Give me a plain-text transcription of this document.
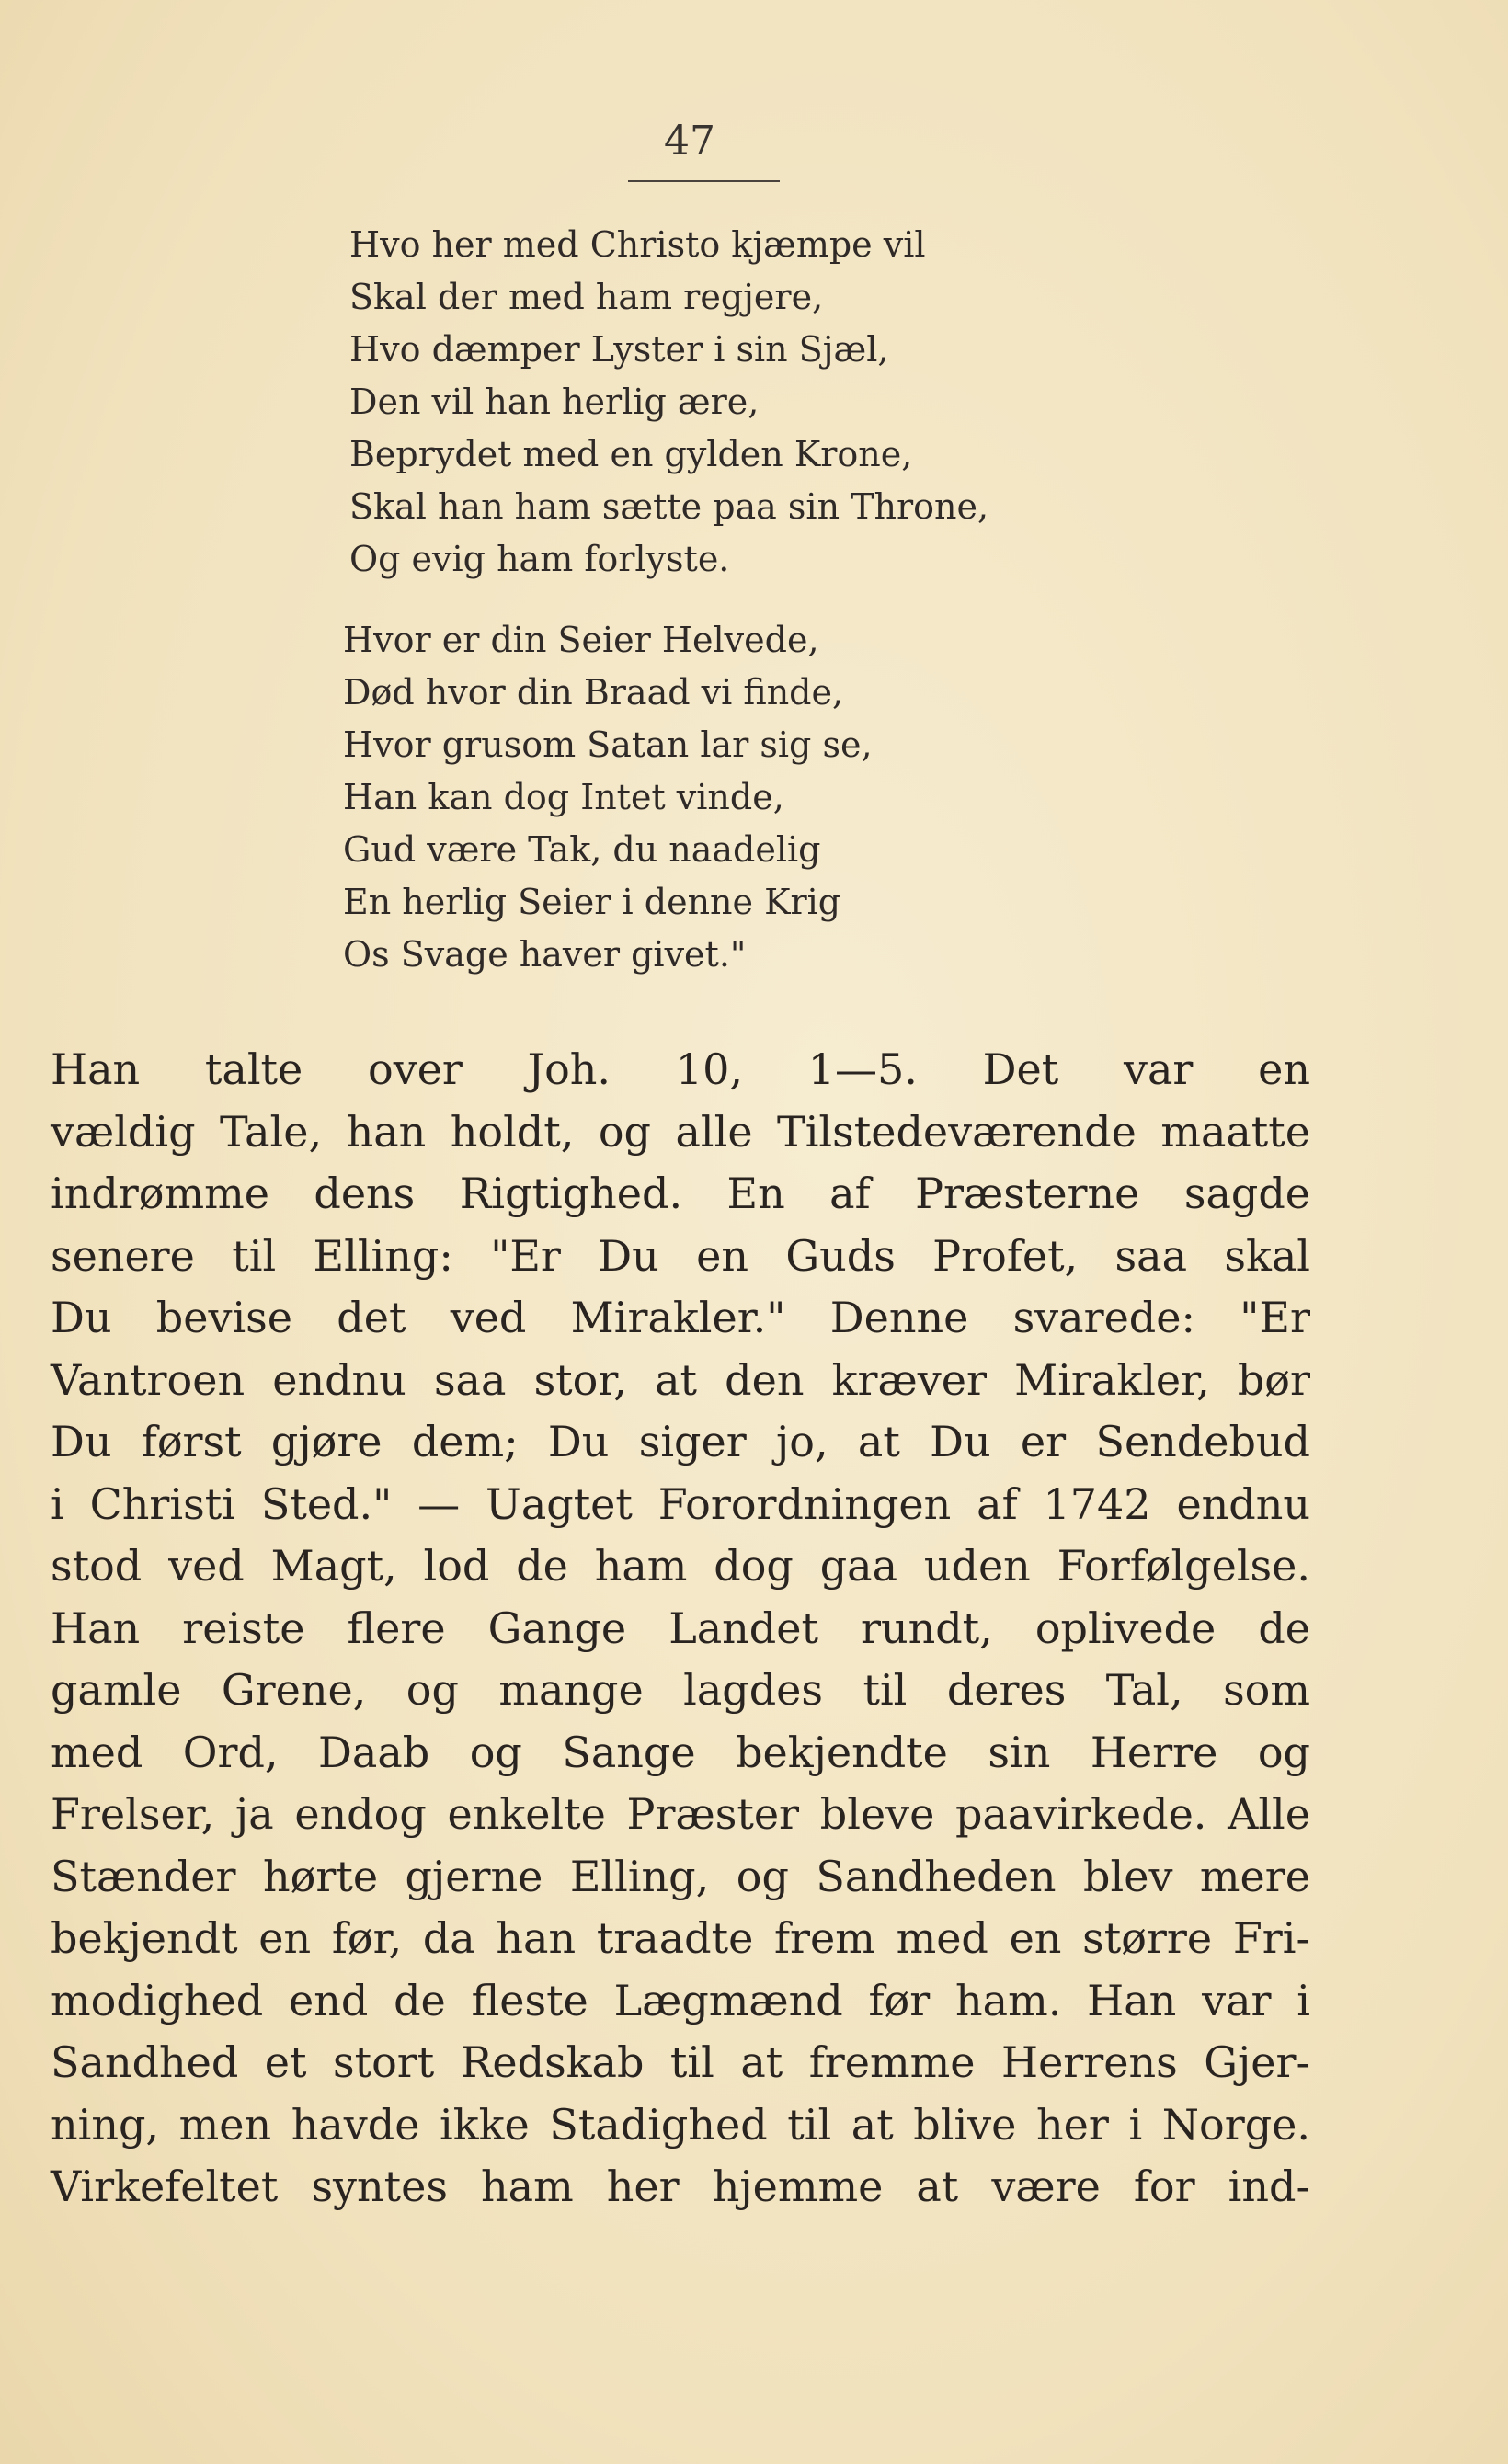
47
Hvo her med Christo kjæmpe vil
Skal der med ham regjere,
Hvo dæmper Lyster i sin Sjæl,
Den vil han herlig ære,
Beprydet med en gylden Krone,
Skal han ham sætte paa sin Throne,
Og evig ham forlyste.
Hvor er din Seier Helvede,
Død hvor din Braad vi finde,
Hvor grusom Satan lar sig se,
Han kan dog Intet vinde,
Gud være Tak, du naadelig
En herlig Seier i denne Krig
Os Svage haver givet."
Han talte over Joh. 10, 1—5. Det var en
vældig Tale, han holdt, og alle Tilstedeværende maatte
indrømme dens Rigtighed. En af Præsterne sagde
senere til Elling: "Er Du en Guds Profet, saa skal
Du bevise det ved Mirakler." Denne svarede: "Er
Vantroen endnu saa stor, at den kræver Mirakler, bør
Du først gjøre dem; Du siger jo, at Du er Sendebud
i Christi Sted." — Uagtet Forordningen af 1742 endnu
stod ved Magt, lod de ham dog gaa uden Forfølgelse.
Han reiste flere Gange Landet rundt, oplivede de
gamle Grene, og mange lagdes til deres Tal, som
med Ord, Daab og Sange bekjendte sin Herre og
Frelser, ja endog enkelte Præster bleve paavirkede. Alle
Stænder hørte gjerne Elling, og Sandheden blev mere
bekjendt en før, da han traadte frem med en større Fri-
modighed end de fleste Lægmænd før ham. Han var i
Sandhed et stort Redskab til at fremme Herrens Gjer-
ning, men havde ikke Stadighed til at blive her i Norge.
Virkefeltet syntes ham her hjemme at være for ind-
